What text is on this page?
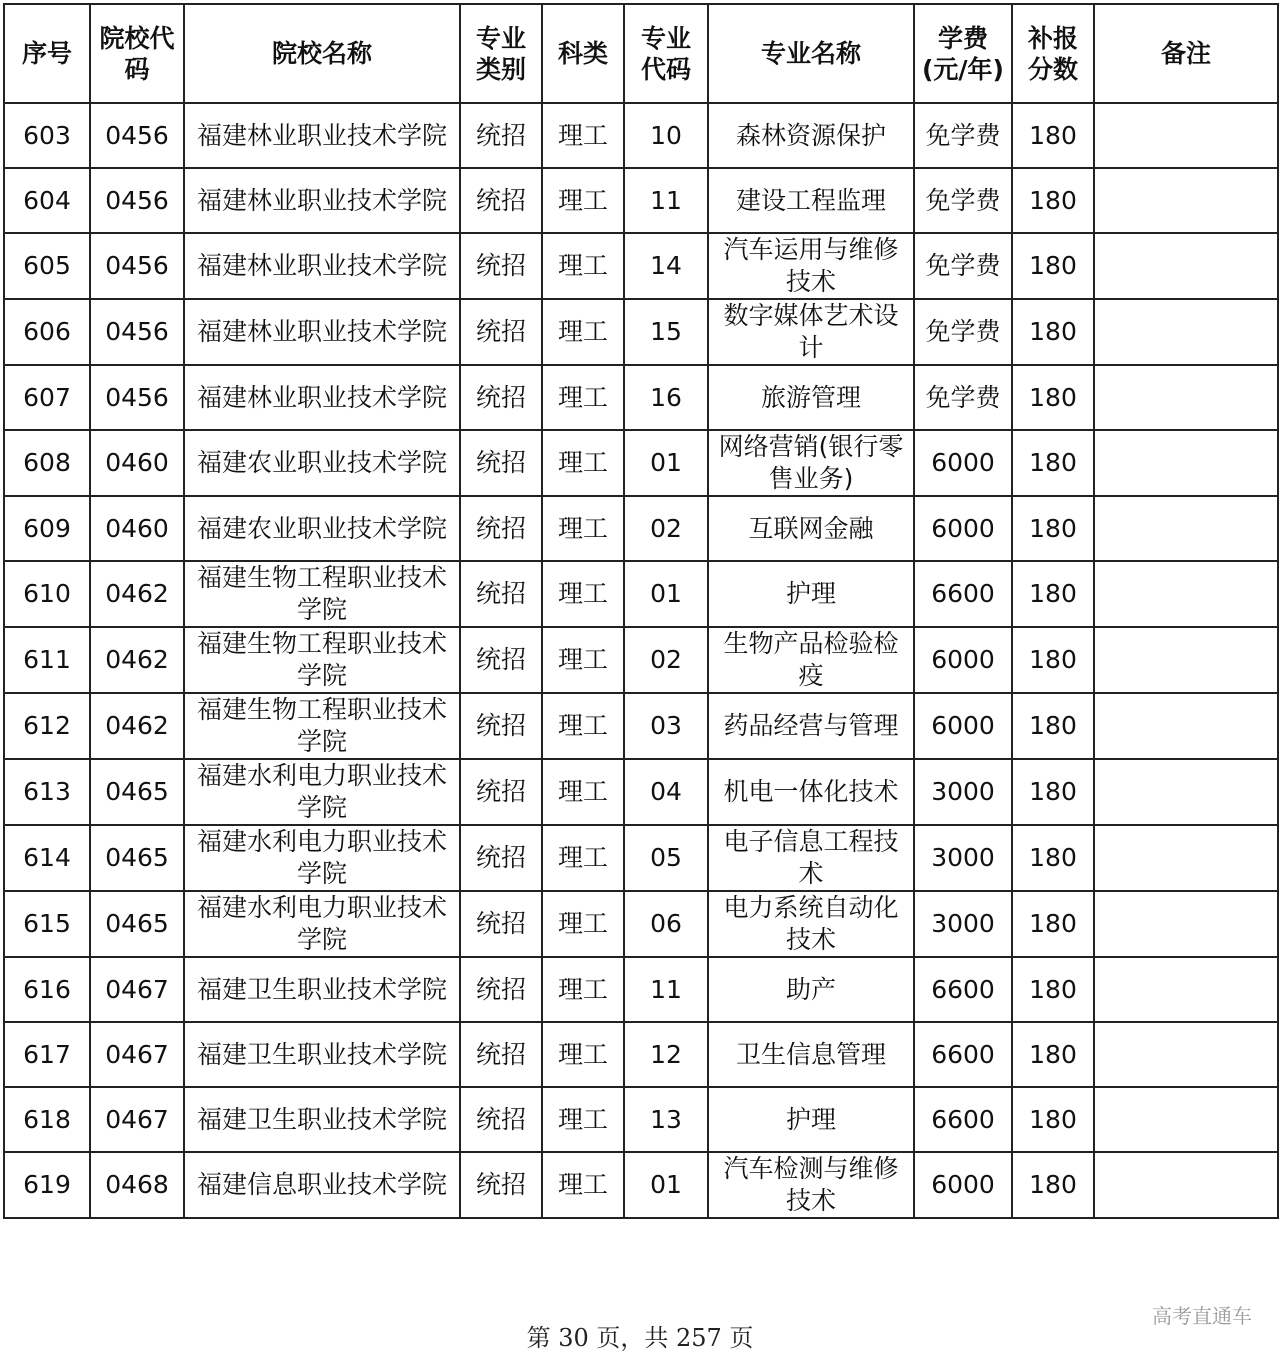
序号	院校代码	院校名称	专业类别	科类	专业代码	专业名称	学费(元/年)	补报分数	备注
603	0456	福建林业职业技术学院	统招	理工	10	森林资源保护	免学费	180	
604	0456	福建林业职业技术学院	统招	理工	11	建设工程监理	免学费	180	
605	0456	福建林业职业技术学院	统招	理工	14	汽车运用与维修技术	免学费	180	
606	0456	福建林业职业技术学院	统招	理工	15	数字媒体艺术设计	免学费	180	
607	0456	福建林业职业技术学院	统招	理工	16	旅游管理	免学费	180	
608	0460	福建农业职业技术学院	统招	理工	01	网络营销(银行零售业务)	6000	180	
609	0460	福建农业职业技术学院	统招	理工	02	互联网金融	6000	180	
610	0462	福建生物工程职业技术学院	统招	理工	01	护理	6600	180	
611	0462	福建生物工程职业技术学院	统招	理工	02	生物产品检验检疫	6000	180	
612	0462	福建生物工程职业技术学院	统招	理工	03	药品经营与管理	6000	180	
613	0465	福建水利电力职业技术学院	统招	理工	04	机电一体化技术	3000	180	
614	0465	福建水利电力职业技术学院	统招	理工	05	电子信息工程技术	3000	180	
615	0465	福建水利电力职业技术学院	统招	理工	06	电力系统自动化技术	3000	180	
616	0467	福建卫生职业技术学院	统招	理工	11	助产	6600	180	
617	0467	福建卫生职业技术学院	统招	理工	12	卫生信息管理	6600	180	
618	0467	福建卫生职业技术学院	统招	理工	13	护理	6600	180	
619	0468	福建信息职业技术学院	统招	理工	01	汽车检测与维修技术	6000	180	
第 30 页，共 257 页
高考直通车
